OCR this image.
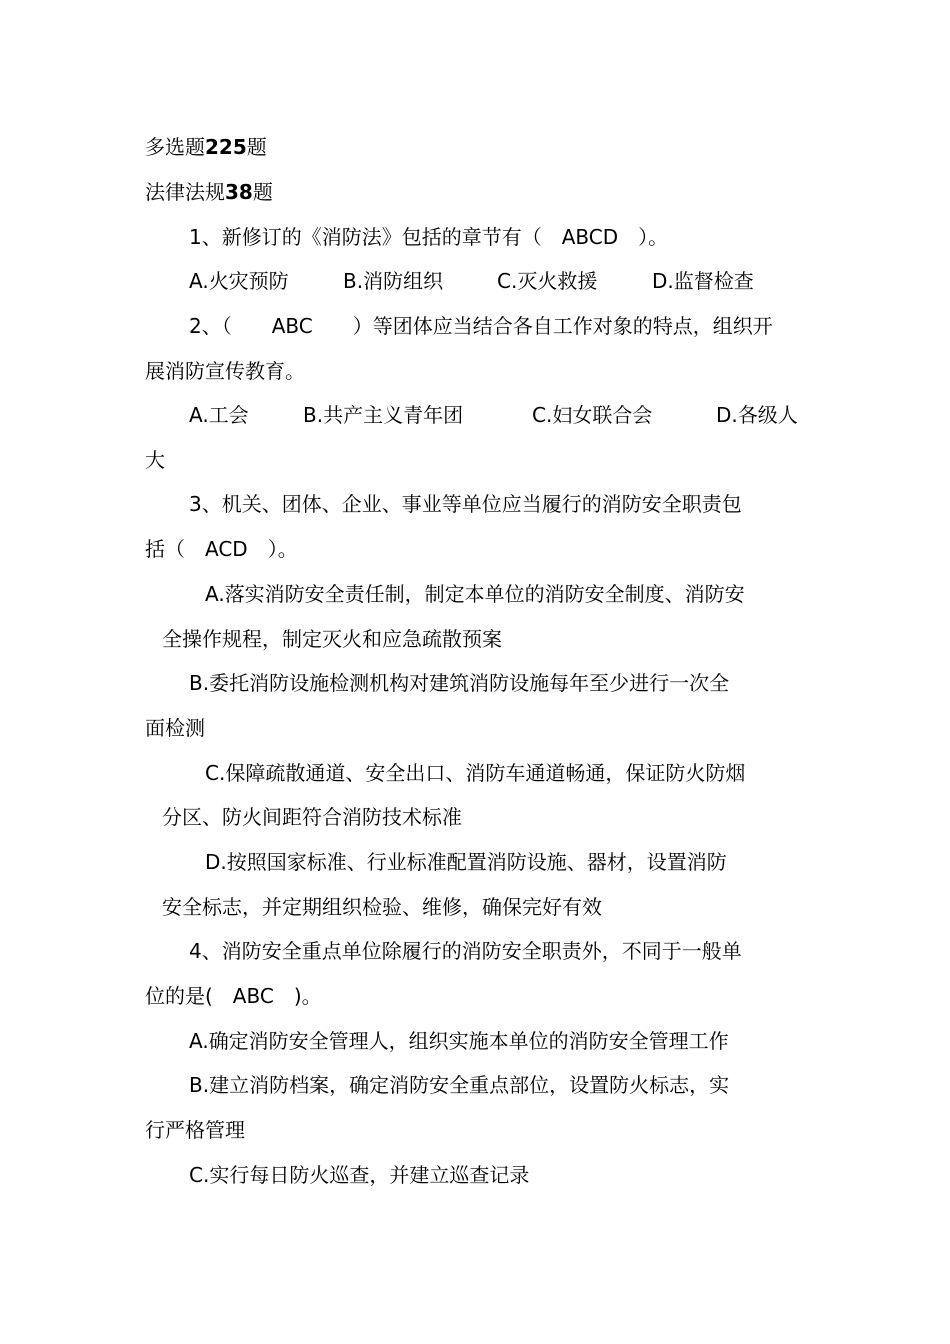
多选题225题
法律法规38题
1、新修订的《消防法》包括的章节有（　ABCD　）。
A.火灾预防	B.消防组织	C.灭火救援	D.监督检查
2、（　　ABC　　）等团体应当结合各自工作对象的特点，组织开
展消防宣传教育。
A.工会	B.共产主义青年团	C.妇女联合会	D.各级人
大
3、机关、团体、企业、事业等单位应当履行的消防安全职责包
括（　ACD　）。
A.落实消防安全责任制，制定本单位的消防安全制度、消防安
全操作规程，制定灭火和应急疏散预案
B.委托消防设施检测机构对建筑消防设施每年至少进行一次全
面检测
C.保障疏散通道、安全出口、消防车通道畅通，保证防火防烟
分区、防火间距符合消防技术标准
D.按照国家标准、行业标准配置消防设施、器材，设置消防
安全标志，并定期组织检验、维修，确保完好有效
4、消防安全重点单位除履行的消防安全职责外，不同于一般单
位的是(　ABC　)。
A.确定消防安全管理人，组织实施本单位的消防安全管理工作
B.建立消防档案，确定消防安全重点部位，设置防火标志，实
行严格管理
C.实行每日防火巡查，并建立巡查记录
